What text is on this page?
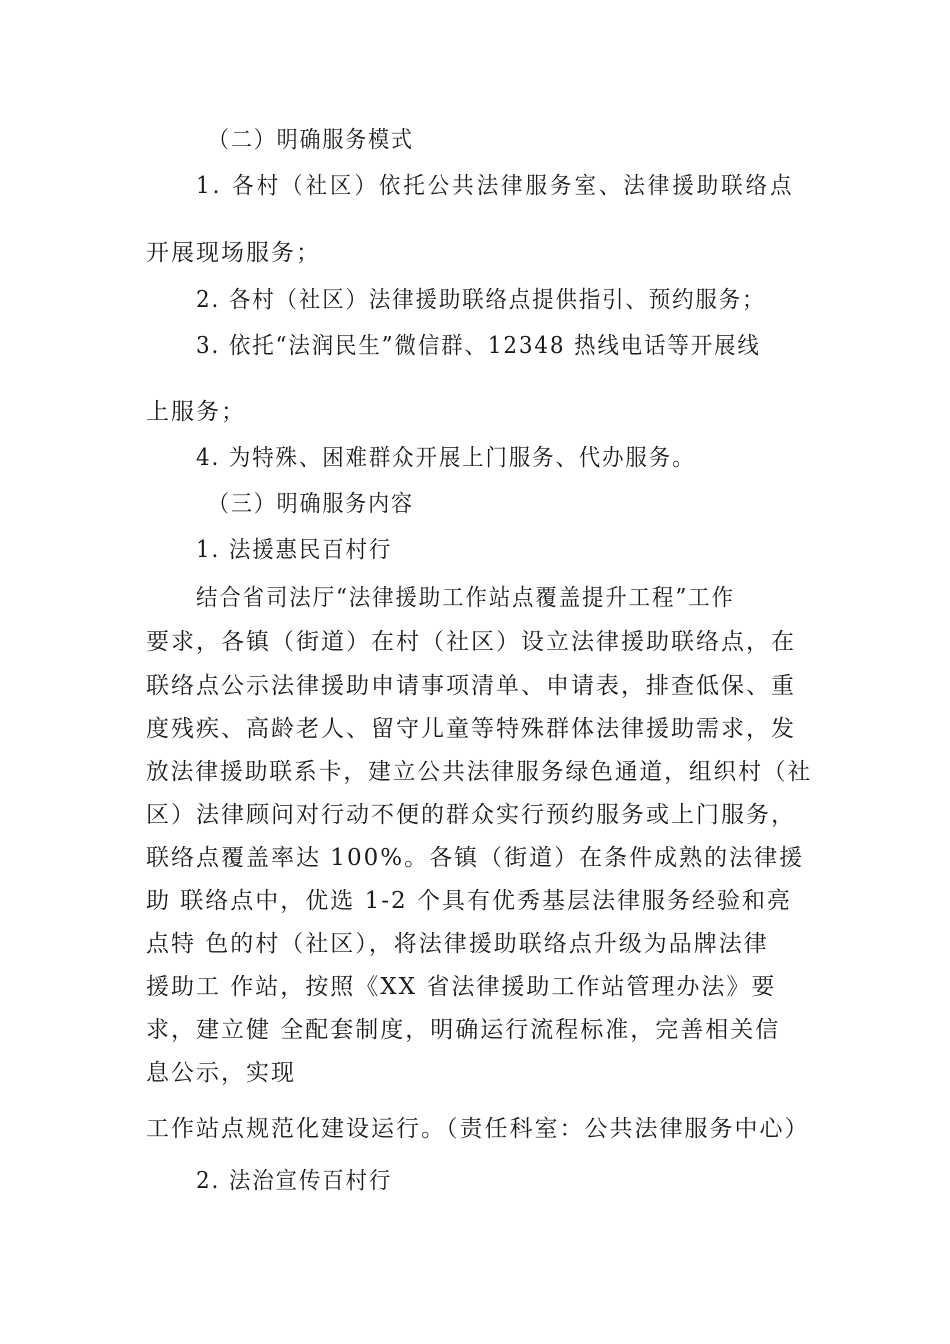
（二）明确服务模式
1. 各村（社区）依托公共法律服务室、法律援助联络点
开展现场服务；
2. 各村（社区）法律援助联络点提供指引、预约服务；
3. 依托“法润民生”微信群、12348 热线电话等开展线
上服务；
4. 为特殊、困难群众开展上门服务、代办服务。
（三）明确服务内容
1. 法援惠民百村行
结合省司法厅“法律援助工作站点覆盖提升工程”工作
要求，各镇（街道）在村（社区）设立法律援助联络点，在
联络点公示法律援助申请事项清单、申请表，排查低保、重
度残疾、高龄老人、留守儿童等特殊群体法律援助需求，发
放法律援助联系卡，建立公共法律服务绿色通道，组织村（社
区）法律顾问对行动不便的群众实行预约服务或上门服务，
联络点覆盖率达 100%。各镇（街道）在条件成熟的法律援
助 联络点中，优选 1-2 个具有优秀基层法律服务经验和亮
点特 色的村（社区），将法律援助联络点升级为品牌法律
援助工 作站，按照《XX 省法律援助工作站管理办法》要
求，建立健 全配套制度，明确运行流程标准，完善相关信
息公示，实现
工作站点规范化建设运行。（责任科室：公共法律服务中心）
2. 法治宣传百村行
